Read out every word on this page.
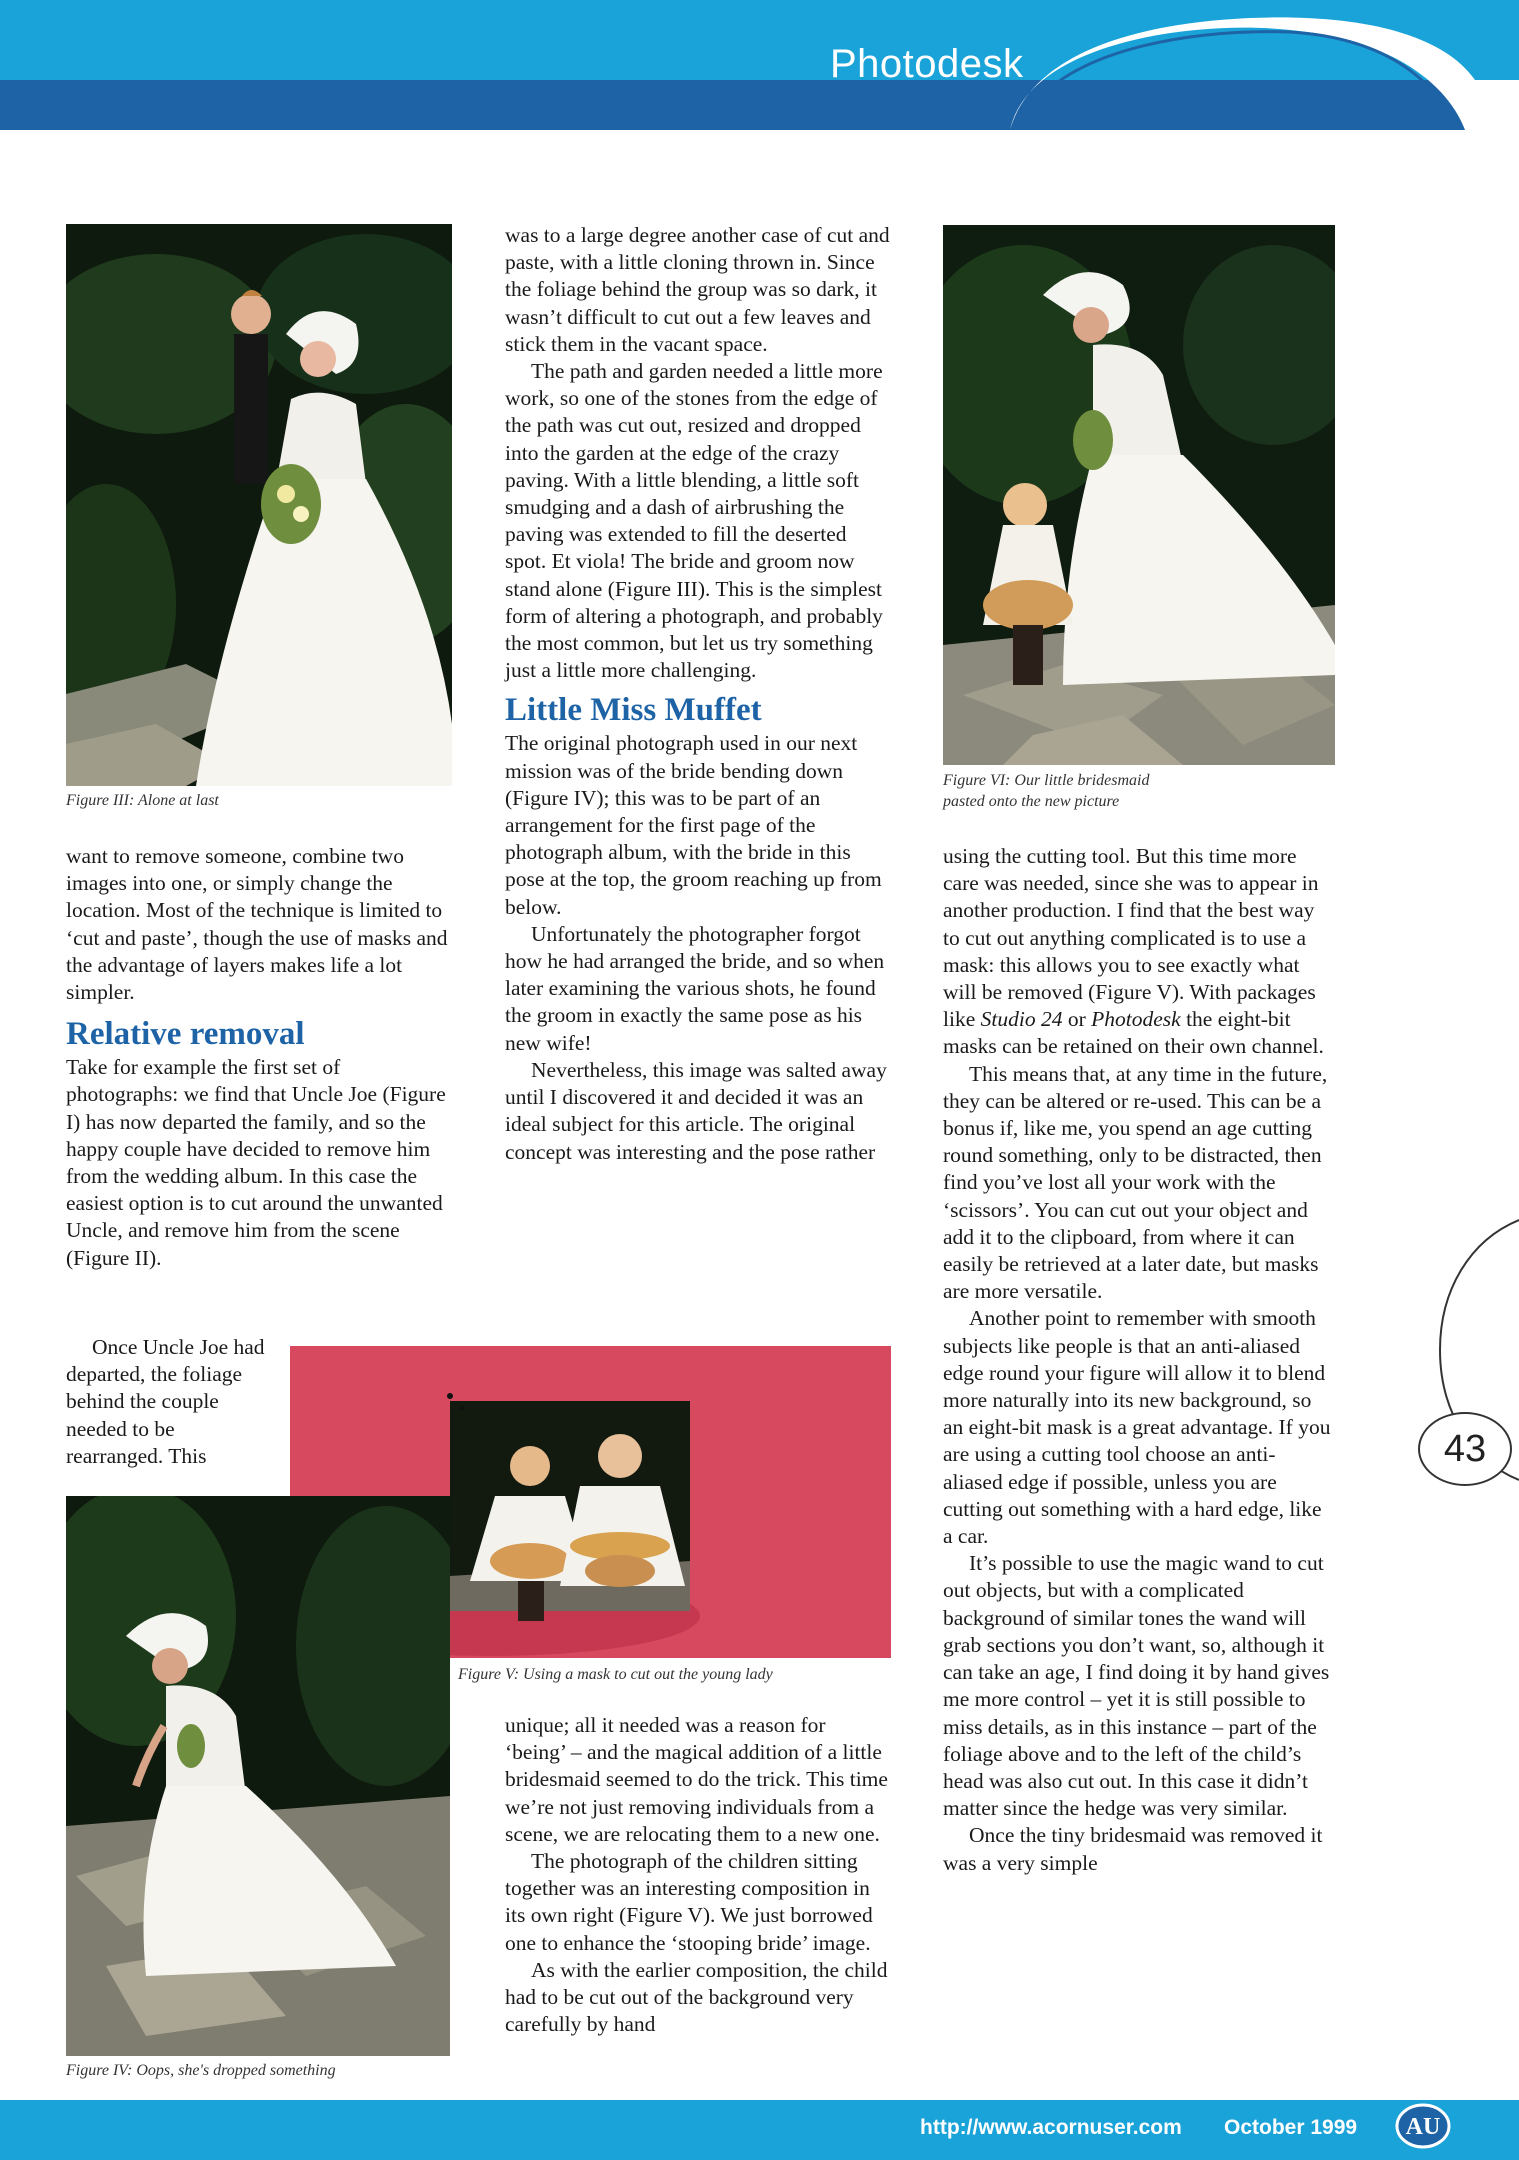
Photodesk
Figure III: Alone at last
Figure VI: Our little bridesmaid
pasted onto the new picture
Figure V: Using a mask to cut out the young lady
Figure IV: Oops, she's dropped something

want to remove someone, combine two images into one, or simply change the location. Most of the technique is limited to ‘cut and paste’, though the use of masks and the advantage of layers makes life a lot simpler.

Relative removal

Take for example the first set of photographs: we find that Uncle Joe (Figure I) has now departed the family, and so the happy couple have decided to remove him from the wedding album. In this case the easiest option is to cut around the unwanted Uncle, and remove him from the scene (Figure II).

Once Uncle Joe had departed, the foliage behind the couple needed to be rearranged. This

was to a large degree another case of cut and paste, with a little cloning thrown in. Since the foliage behind the group was so dark, it wasn’t difficult to cut out a few leaves and stick them in the vacant space.

The path and garden needed a little more work, so one of the stones from the edge of the path was cut out, resized and dropped into the garden at the edge of the crazy paving. With a little blending, a little soft smudging and a dash of airbrushing the paving was extended to fill the deserted spot. Et viola! The bride and groom now stand alone (Figure III). This is the simplest form of altering a photograph, and probably the most common, but let us try something just a little more challenging.

Little Miss Muffet

The original photograph used in our next mission was of the bride bending down (Figure IV); this was to be part of an arrangement for the first page of the photograph album, with the bride in this pose at the top, the groom reaching up from below.

Unfortunately the photographer forgot how he had arranged the bride, and so when later examining the various shots, he found the groom in exactly the same pose as his new wife!

Nevertheless, this image was salted away until I discovered it and decided it was an ideal subject for this article. The original concept was interesting and the pose rather

unique; all it needed was a reason for ‘being’ – and the magical addition of a little bridesmaid seemed to do the trick. This time we’re not just removing individuals from a scene, we are relocating them to a new one.

The photograph of the children sitting together was an interesting composition in its own right (Figure V). We just borrowed one to enhance the ‘stooping bride’ image.

As with the earlier composition, the child had to be cut out of the background very carefully by hand

using the cutting tool. But this time more care was needed, since she was to appear in another production. I find that the best way to cut out anything complicated is to use a mask: this allows you to see exactly what will be removed (Figure V). With packages like Studio 24 or Photodesk the eight-bit masks can be retained on their own channel.

This means that, at any time in the future, they can be altered or re-used. This can be a bonus if, like me, you spend an age cutting round something, only to be distracted, then find you’ve lost all your work with the ‘scissors’. You can cut out your object and add it to the clipboard, from where it can easily be retrieved at a later date, but masks are more versatile.

Another point to remember with smooth subjects like people is that an anti-aliased edge round your figure will allow it to blend more naturally into its new background, so an eight-bit mask is a great advantage. If you are using a cutting tool choose an anti-aliased edge if possible, unless you are cutting out something with a hard edge, like a car.

It’s possible to use the magic wand to cut out objects, but with a complicated background of similar tones the wand will grab sections you don’t want, so, although it can take an age, I find doing it by hand gives me more control – yet it is still possible to miss details, as in this instance – part of the foliage above and to the left of the child’s head was also cut out. In this case it didn’t matter since the hedge was very similar.

Once the tiny bridesmaid was removed it was a very simple

43
http://www.acornuser.com October 1999 AU
